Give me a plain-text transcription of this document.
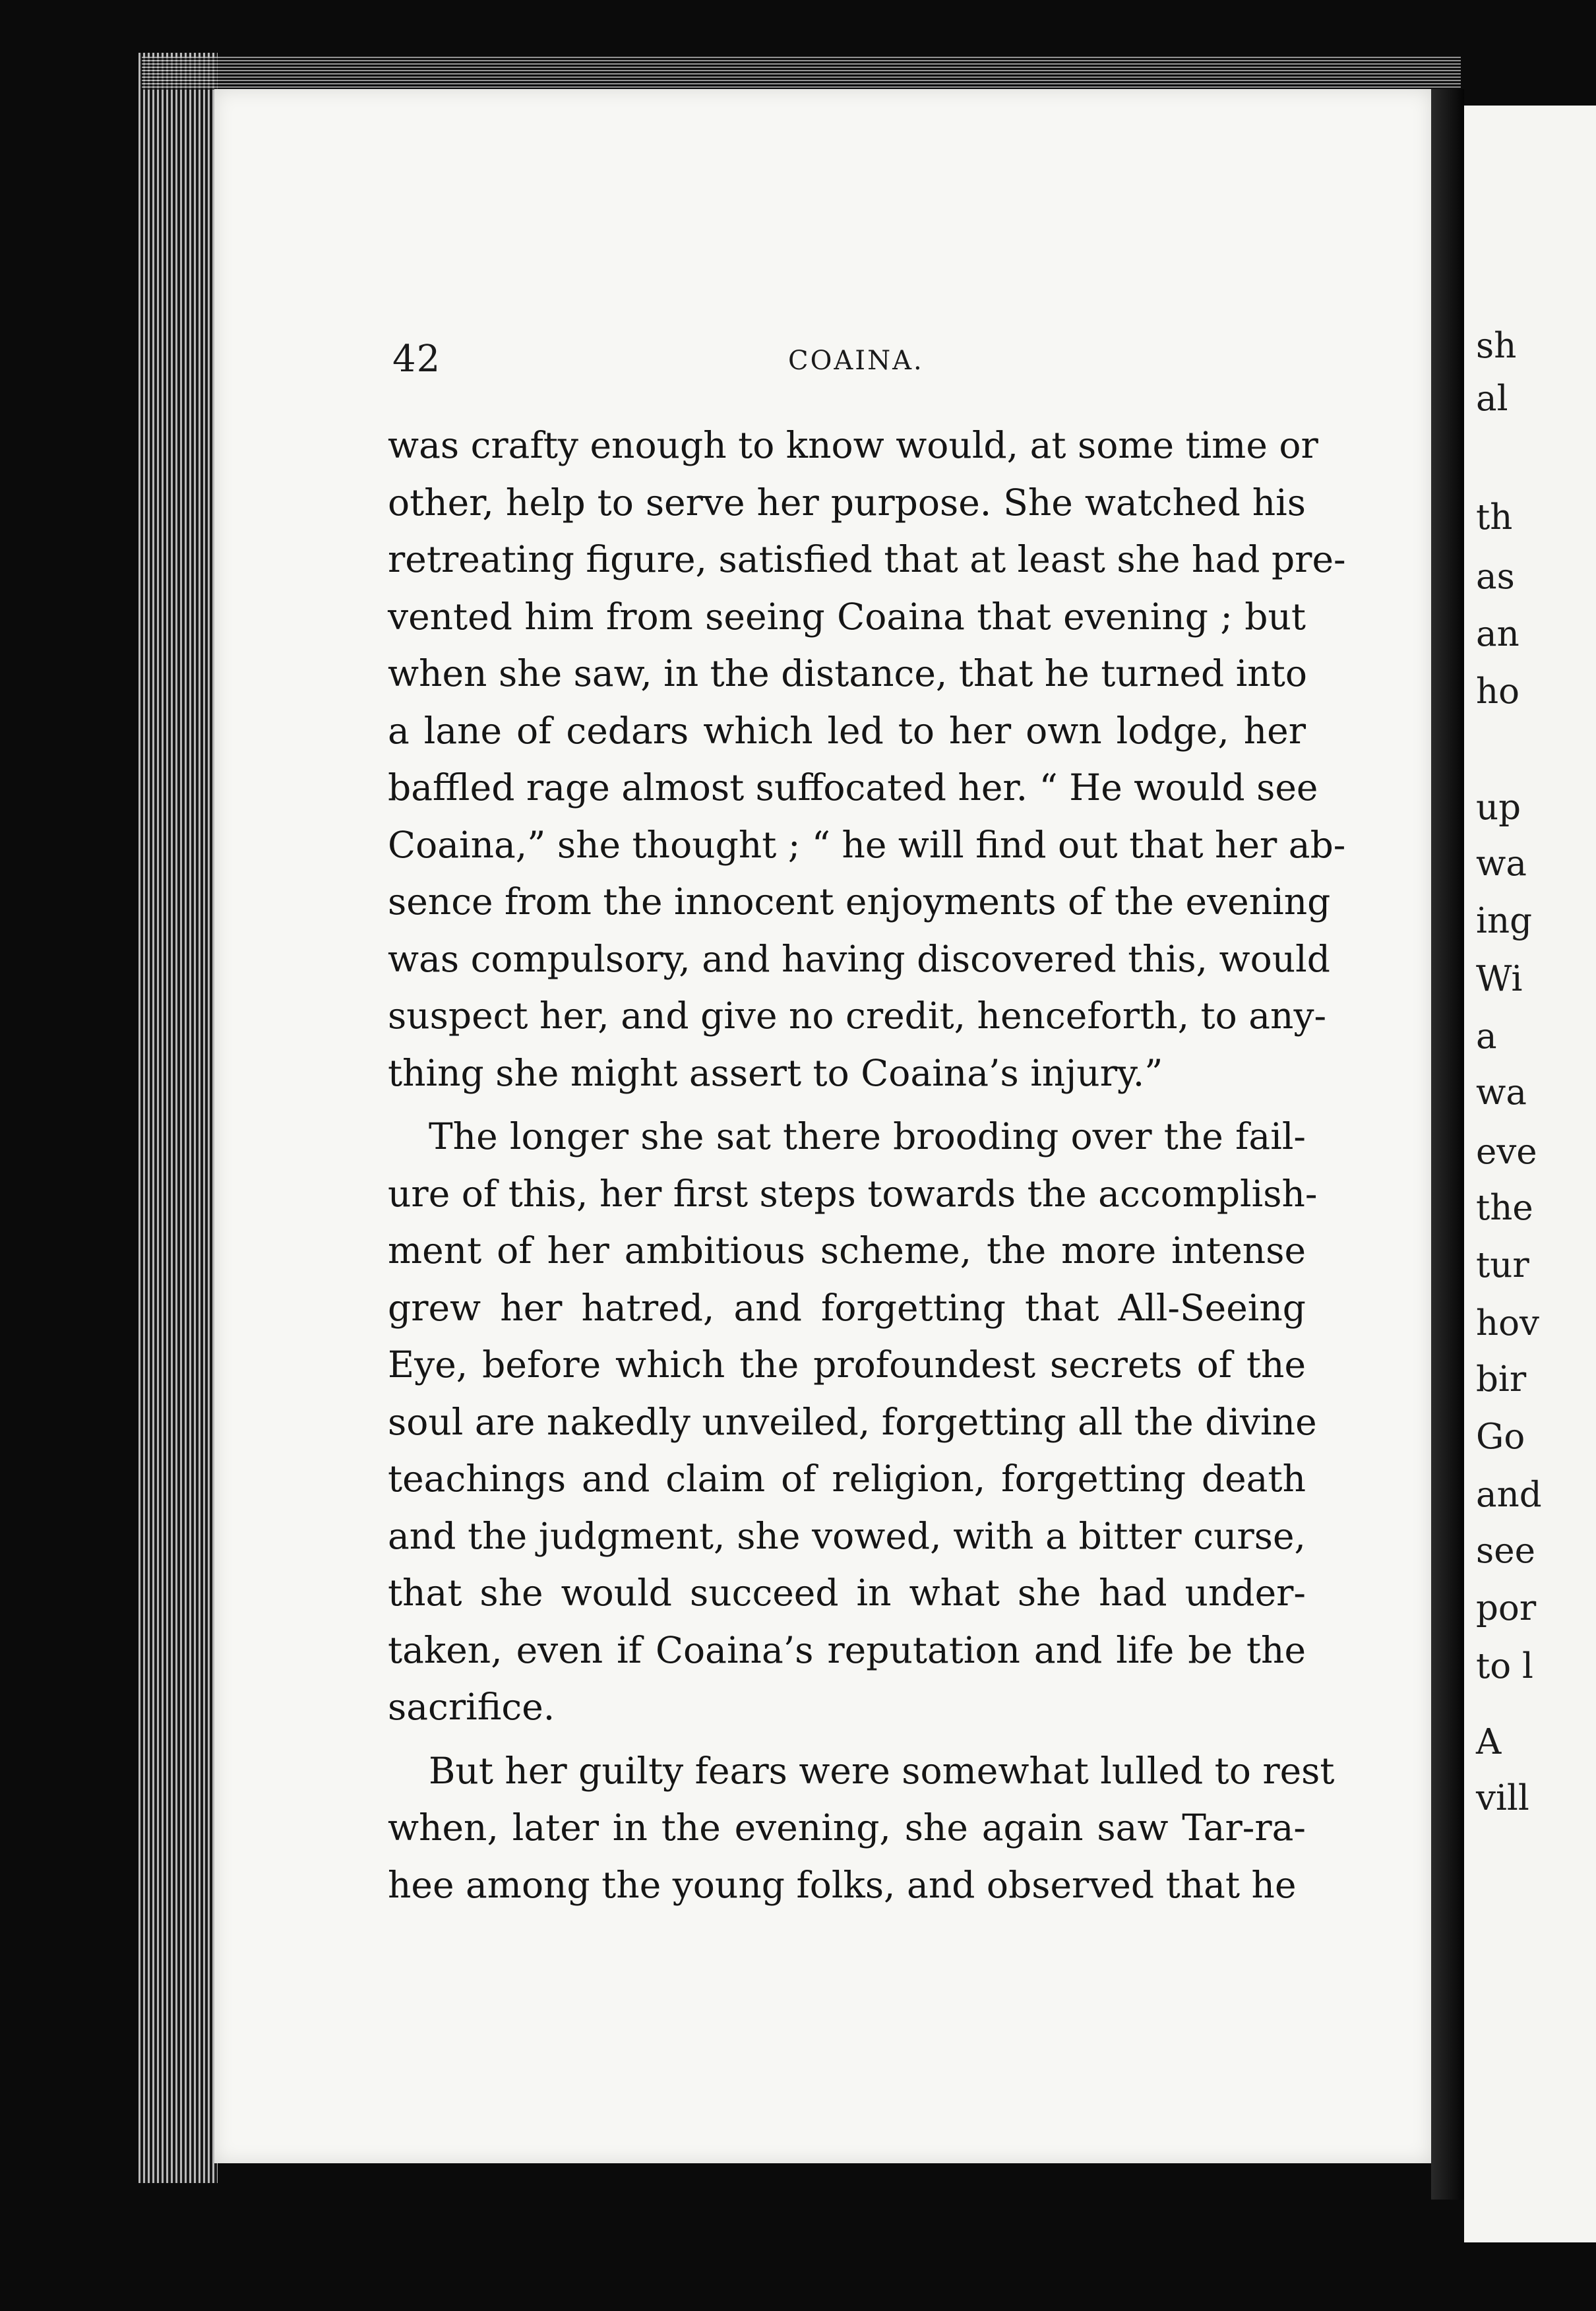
sh
al
th
as
an
ho
up
wa
ing
Wi
a
wa
eve
the
tur
hov
bir
Go
and
see
por
to l
A
vill
42	COAINA.
was crafty enough to know would, at some time or
other, help to serve her purpose. She watched his
retreating figure, satisfied that at least she had pre-
vented him from seeing Coaina that evening ; but
when she saw, in the distance, that he turned into
a lane of cedars which led to her own lodge, her
baffled rage almost suffocated her. “ He would see
Coaina,” she thought ; “ he will find out that her ab-
sence from the innocent enjoyments of the evening
was compulsory, and having discovered this, would
suspect her, and give no credit, henceforth, to any-
thing she might assert to Coaina’s injury.”
The longer she sat there brooding over the fail-
ure of this, her first steps towards the accomplish-
ment of her ambitious scheme, the more intense
grew her hatred, and forgetting that All-Seeing
Eye, before which the profoundest secrets of the
soul are nakedly unveiled, forgetting all the divine
teachings and claim of religion, forgetting death
and the judgment, she vowed, with a bitter curse,
that she would succeed in what she had under-
taken, even if Coaina’s reputation and life be the
sacrifice.
But her guilty fears were somewhat lulled to rest
when, later in the evening, she again saw Tar-ra-
hee among the young folks, and observed that he
